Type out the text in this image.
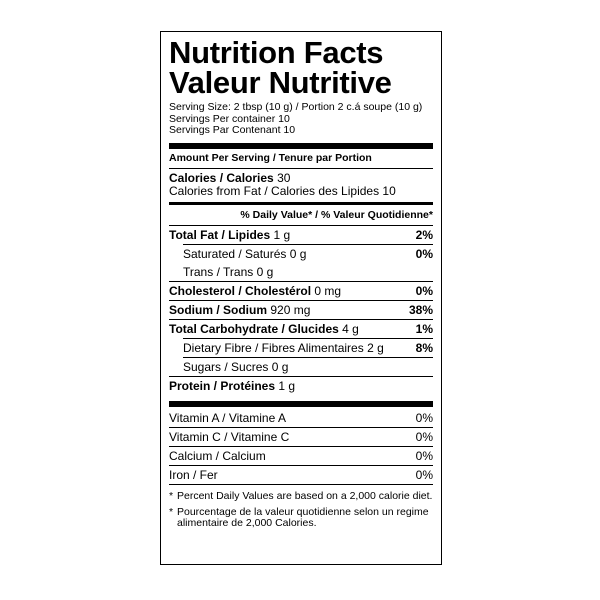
Nutrition Facts
Valeur Nutritive
Serving Size: 2 tbsp (10 g) / Portion 2 c.á soupe (10 g)
Servings Per container 10
Servings Par Contenant 10
Amount Per Serving / Tenure par Portion
Calories / Calories 30
Calories from Fat / Calories des Lipides 10
% Daily Value* / % Valeur Quotidienne*
Total Fat / Lipides 1 g	2%
Saturated / Saturés 0 g	0%
Trans / Trans 0 g
Cholesterol / Cholestérol 0 mg	0%
Sodium / Sodium 920 mg	38%
Total Carbohydrate / Glucides 4 g	1%
Dietary Fibre / Fibres Alimentaires 2 g	8%
Sugars / Sucres 0 g
Protein / Protéines 1 g
Vitamin A / Vitamine A	0%
Vitamin C / Vitamine C	0%
Calcium / Calcium	0%
Iron / Fer	0%
* Percent Daily Values are based on a 2,000 calorie diet.
* Pourcentage de la valeur quotidienne selon un regime alimentaire de 2,000 Calories.
